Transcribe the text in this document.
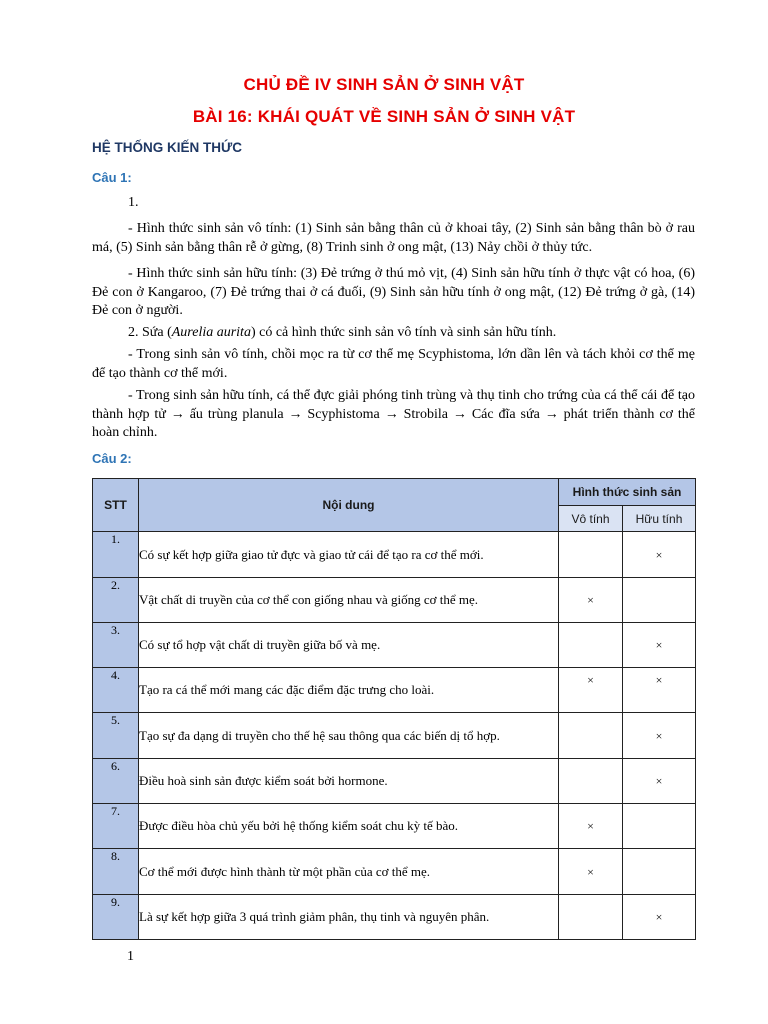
CHỦ ĐỀ IV SINH SẢN Ở SINH VẬT
BÀI 16: KHÁI QUÁT VỀ SINH SẢN Ở SINH VẬT
HỆ THỐNG KIẾN THỨC
Câu 1:
1.

- Hình thức sinh sản vô tính: (1) Sinh sản bằng thân củ ở khoai tây, (2) Sinh sản bằng thân bò ở rau má, (5) Sinh sản bằng thân rễ ở gừng, (8) Trinh sinh ở ong mật, (13) Nảy chồi ở thủy tức.

- Hình thức sinh sản hữu tính: (3) Đẻ trứng ở thú mỏ vịt, (4) Sinh sản hữu tính ở thực vật có hoa, (6) Đẻ con ở Kangaroo, (7) Đẻ trứng thai ở cá đuối, (9) Sinh sản hữu tính ở ong mật, (12) Đẻ trứng ở gà, (14) Đẻ con ở người.

2. Sứa (Aurelia aurita) có cả hình thức sinh sản vô tính và sinh sản hữu tính.

- Trong sinh sản vô tính, chồi mọc ra từ cơ thể mẹ Scyphistoma, lớn dần lên và tách khỏi cơ thể mẹ để tạo thành cơ thể mới.

- Trong sinh sản hữu tính, cá thể đực giải phóng tinh trùng và thụ tinh cho trứng của cá thể cái để tạo thành hợp tử → ấu trùng planula → Scyphistoma → Strobila → Các đĩa sứa → phát triển thành cơ thể hoàn chỉnh.

Câu 2:
STT	Nội dung	Hình thức sinh sản	
		Vô tính	Hữu tính
1.	Có sự kết hợp giữa giao tử đực và giao tử cái để tạo ra cơ thể mới.		×
2.	Vật chất di truyền của cơ thể con giống nhau và giống cơ thể mẹ.	×	
3.	Có sự tổ hợp vật chất di truyền giữa bố và mẹ.		×
4.	Tạo ra cá thể mới mang các đặc điểm đặc trưng cho loài.	×	×
5.	Tạo sự đa dạng di truyền cho thế hệ sau thông qua các biến dị tổ hợp.		×
6.	Điều hoà sinh sản được kiểm soát bởi hormone.		×
7.	Được điều hòa chủ yếu bởi hệ thống kiểm soát chu kỳ tế bào.	×	
8.	Cơ thể mới được hình thành từ một phần của cơ thể mẹ.	×	
9.	Là sự kết hợp giữa 3 quá trình giảm phân, thụ tinh và nguyên phân.		×
1
